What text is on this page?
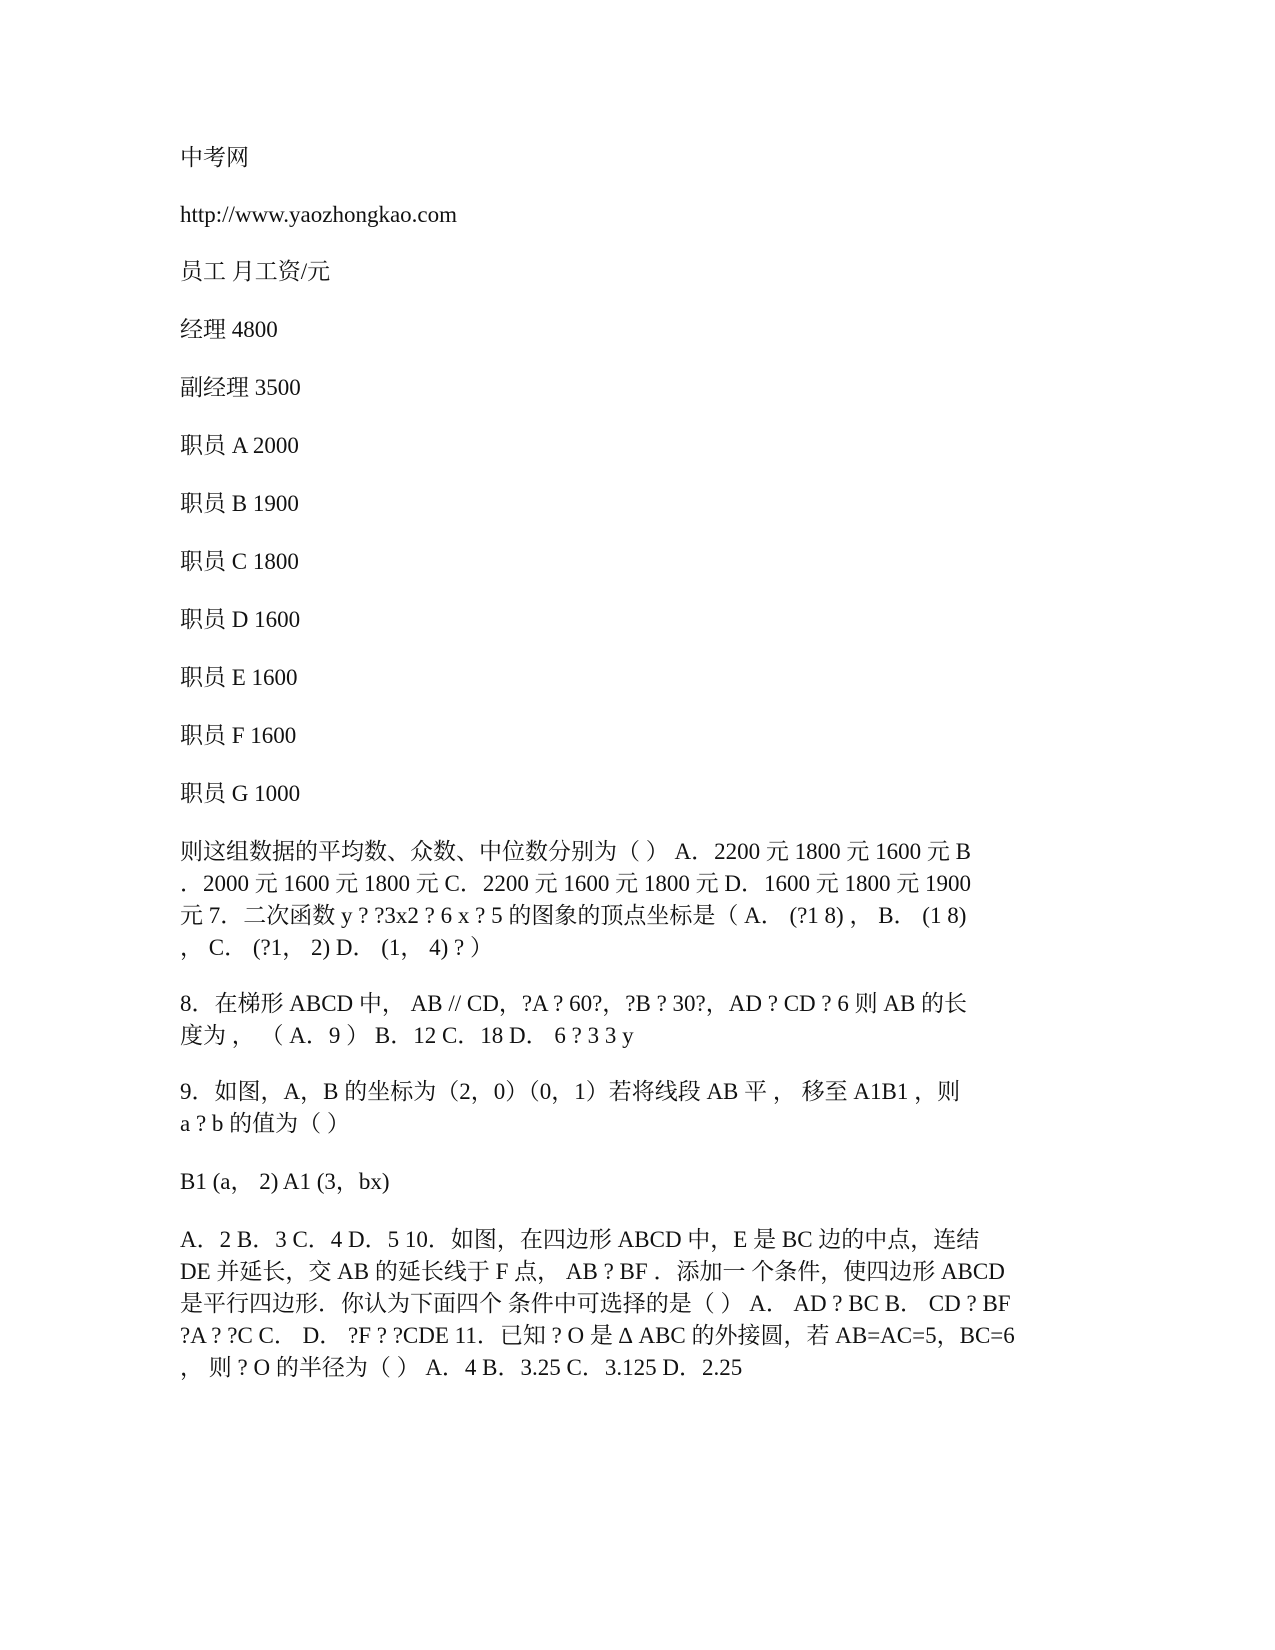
中考网
http://www.yaozhongkao.com
员工 月工资/元
经理 4800
副经理 3500
职员 A 2000
职员 B 1900
职员 C 1800
职员 D 1600
职员 E 1600
职员 F 1600
职员 G 1000
则这组数据的平均数、众数、中位数分别为（ ） A．2200 元 1800 元 1600 元 B
．2000 元 1600 元 1800 元 C．2200 元 1600 元 1800 元 D．1600 元 1800 元 1900
元 7．二次函数 y ? ?3x2 ? 6 x ? 5 的图象的顶点坐标是（ A． (?1 8) ， B． (1 8)
， C． (?1， 2) D． (1， 4) ? ）
8．在梯形 ABCD 中， AB // CD，?A ? 60?，?B ? 30?，AD ? CD ? 6 则 AB 的长
度为 ， （ A．9 ） B．12 C．18 D． 6 ? 3 3 y
9．如图，A，B 的坐标为（2，0）（0，1）若将线段 AB 平 ， 移至 A1B1 ，则
a ? b 的值为（ ）
B1 (a， 2) A1 (3，bx)
A．2 B．3 C．4 D．5 10．如图，在四边形 ABCD 中，E 是 BC 边的中点，连结
DE 并延长，交 AB 的延长线于 F 点， AB ? BF ．添加一 个条件，使四边形 ABCD
是平行四边形．你认为下面四个 条件中可选择的是（ ） A． AD ? BC B． CD ? BF
?A ? ?C C． D． ?F ? ?CDE 11．已知 ? O 是 ∆ ABC 的外接圆，若 AB=AC=5，BC=6
， 则 ? O 的半径为（ ） A．4 B．3.25 C．3.125 D．2.25
